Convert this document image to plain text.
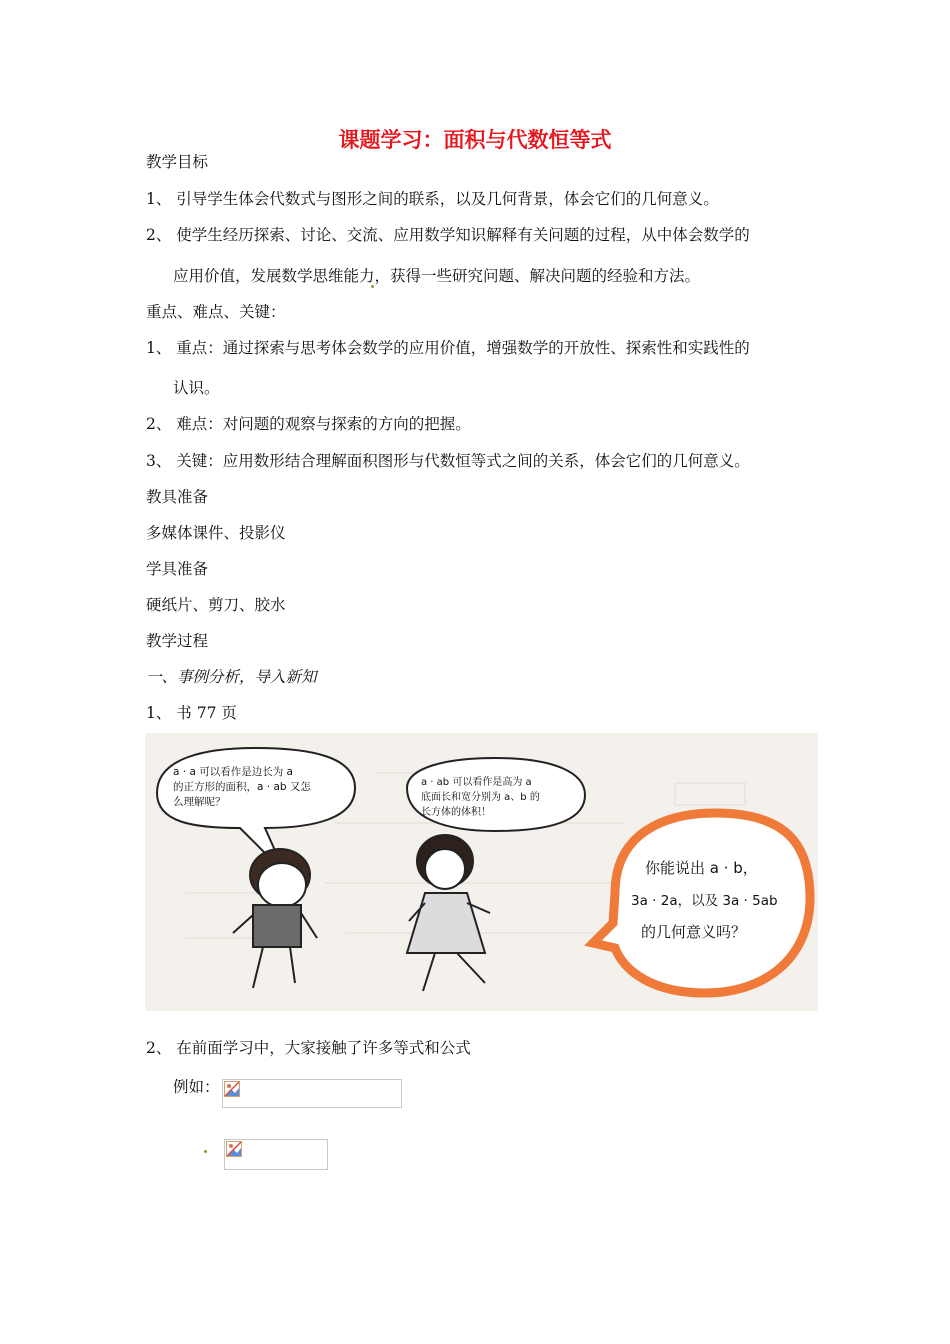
课题学习：面积与代数恒等式
教学目标
1、 引导学生体会代数式与图形之间的联系，以及几何背景，体会它们的几何意义。
2、 使学生经历探索、讨论、交流、应用数学知识解释有关问题的过程，从中体会数学的
应用价值，发展数学思维能力，获得一些研究问题、解决问题的经验和方法。
重点、难点、关键：
1、 重点：通过探索与思考体会数学的应用价值，增强数学的开放性、探索性和实践性的
认识。
2、 难点：对问题的观察与探索的方向的把握。
3、 关键：应用数形结合理解面积图形与代数恒等式之间的关系，体会它们的几何意义。
教具准备
多媒体课件、投影仪
学具准备
硬纸片、剪刀、胶水
教学过程
一、事例分析，导入新知
1、 书 77 页
a · a 可以看作是边长为 a
的正方形的面积，a · ab 又怎
么理解呢？
a · ab 可以看作是高为 a
底面长和宽分别为 a、b 的
长方体的体积！
你能说出 a · b，
3a · 2a，以及 3a · 5ab
的几何意义吗？
2、 在前面学习中，大家接触了许多等式和公式
例如：
